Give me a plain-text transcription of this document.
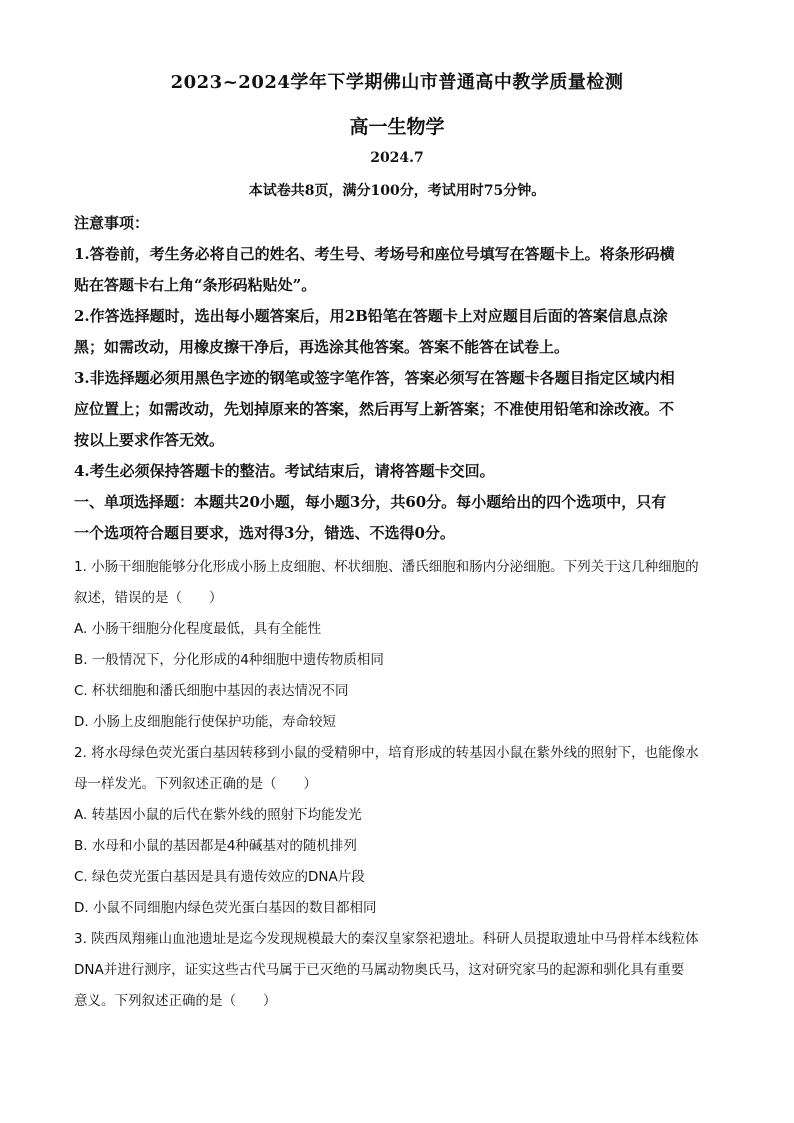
2023~2024学年下学期佛山市普通高中教学质量检测
高一生物学
2024.7
本试卷共8页，满分100分，考试用时75分钟。

注意事项：

1.答卷前，考生务必将自己的姓名、考生号、考场号和座位号填写在答题卡上。将条形码横

贴在答题卡右上角“条形码粘贴处”。

2.作答选择题时，选出每小题答案后，用2B铅笔在答题卡上对应题目后面的答案信息点涂

黑；如需改动，用橡皮擦干净后，再选涂其他答案。答案不能答在试卷上。

3.非选择题必须用黑色字迹的钢笔或签字笔作答，答案必须写在答题卡各题目指定区域内相

应位置上；如需改动，先划掉原来的答案，然后再写上新答案；不准使用铅笔和涂改液。不

按以上要求作答无效。

4.考生必须保持答题卡的整洁。考试结束后，请将答题卡交回。

一、单项选择题：本题共20小题，每小题3分，共60分。每小题给出的四个选项中，只有

一个选项符合题目要求，选对得3分，错选、不选得0分。

1. 小肠干细胞能够分化形成小肠上皮细胞、杯状细胞、潘氏细胞和肠内分泌细胞。下列关于这几种细胞的

叙述，错误的是（　　）

A. 小肠干细胞分化程度最低，具有全能性

B. 一般情况下，分化形成的4种细胞中遗传物质相同

C. 杯状细胞和潘氏细胞中基因的表达情况不同

D. 小肠上皮细胞能行使保护功能，寿命较短

2. 将水母绿色荧光蛋白基因转移到小鼠的受精卵中，培育形成的转基因小鼠在紫外线的照射下，也能像水

母一样发光。下列叙述正确的是（　　）

A. 转基因小鼠的后代在紫外线的照射下均能发光

B. 水母和小鼠的基因都是4种碱基对的随机排列

C. 绿色荧光蛋白基因是具有遗传效应的DNA片段

D. 小鼠不同细胞内绿色荧光蛋白基因的数目都相同

3. 陕西凤翔雍山血池遗址是迄今发现规模最大的秦汉皇家祭祀遗址。科研人员提取遗址中马骨样本线粒体

DNA并进行测序，证实这些古代马属于已灭绝的马属动物奥氏马，这对研究家马的起源和驯化具有重要

意义。下列叙述正确的是（　　）
